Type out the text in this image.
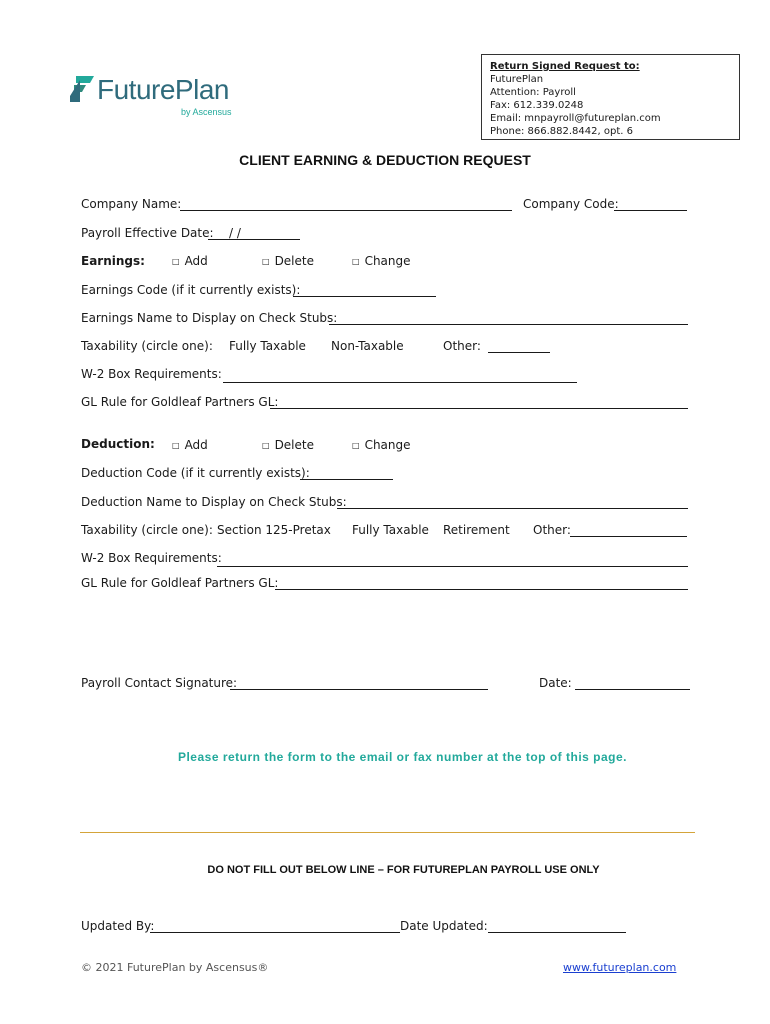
FuturePlan
by Ascensus
Return Signed Request to:
FuturePlan
Attention: Payroll
Fax: 612.339.0248
Email: mnpayroll@futureplan.com
Phone: 866.882.8442, opt. 6
CLIENT EARNING & DEDUCTION REQUEST
Company Name:	Company Code:
Payroll Effective Date: / /
Earnings:	□ Add	□ Delete	□ Change
Earnings Code (if it currently exists):
Earnings Name to Display on Check Stubs:
Taxability (circle one): Fully Taxable Non-Taxable	Other:
W-2 Box Requirements:
GL Rule for Goldleaf Partners GL:
Deduction: □ Add	□ Delete	□ Change
Deduction Code (if it currently exists):
Deduction Name to Display on Check Stubs:
Taxability (circle one): Section 125-Pretax Fully Taxable Retirement Other:
W-2 Box Requirements:
GL Rule for Goldleaf Partners GL:
Payroll Contact Signature:	Date:
Please return the form to the email or fax number at the top of this page.
DO NOT FILL OUT BELOW LINE – FOR FUTUREPLAN PAYROLL USE ONLY
Updated By:	Date Updated:
© 2021 FuturePlan by Ascensus®	www.futureplan.com
